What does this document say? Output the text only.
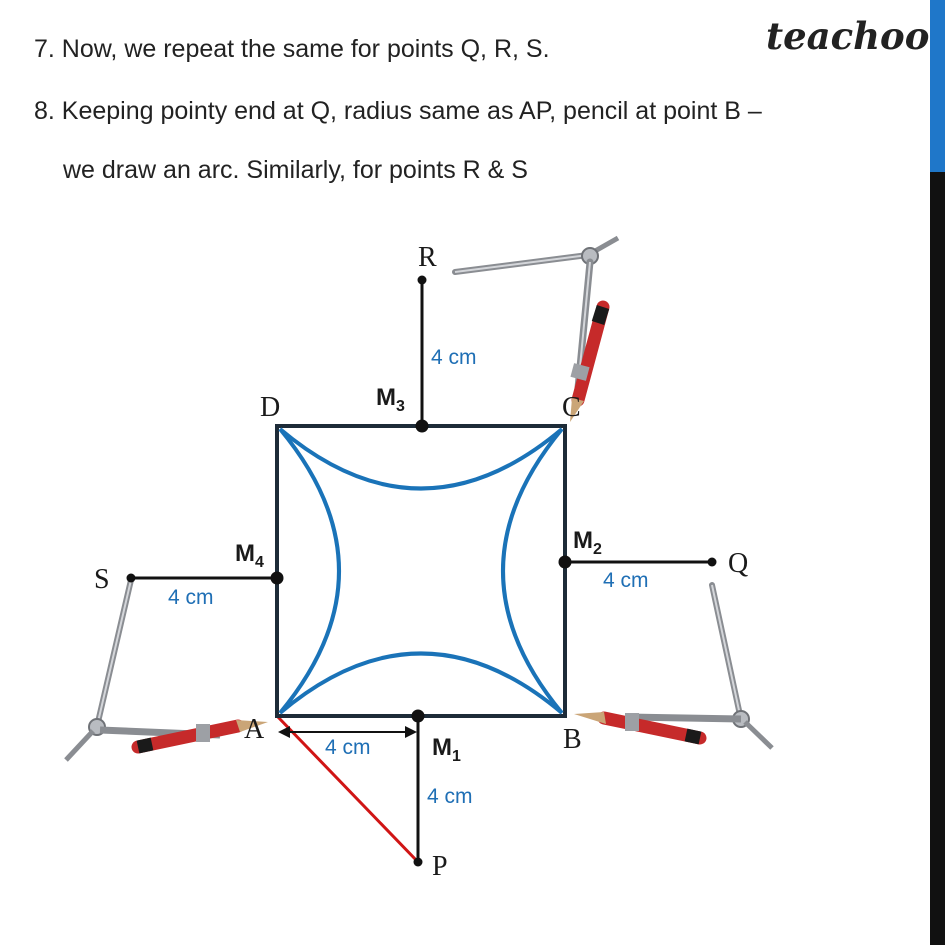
teachoo
7. Now, we repeat the same for points Q, R, S.
8. Keeping pointy end at Q, radius same as AP, pencil at point B –
we draw an arc. Similarly, for points R & S
R
D	C
Q
S
A	B
P
$M_3$
$M_2$
$M_4$
$M_1$
4 cm
4 cm
4 cm
4 cm
4 cm
